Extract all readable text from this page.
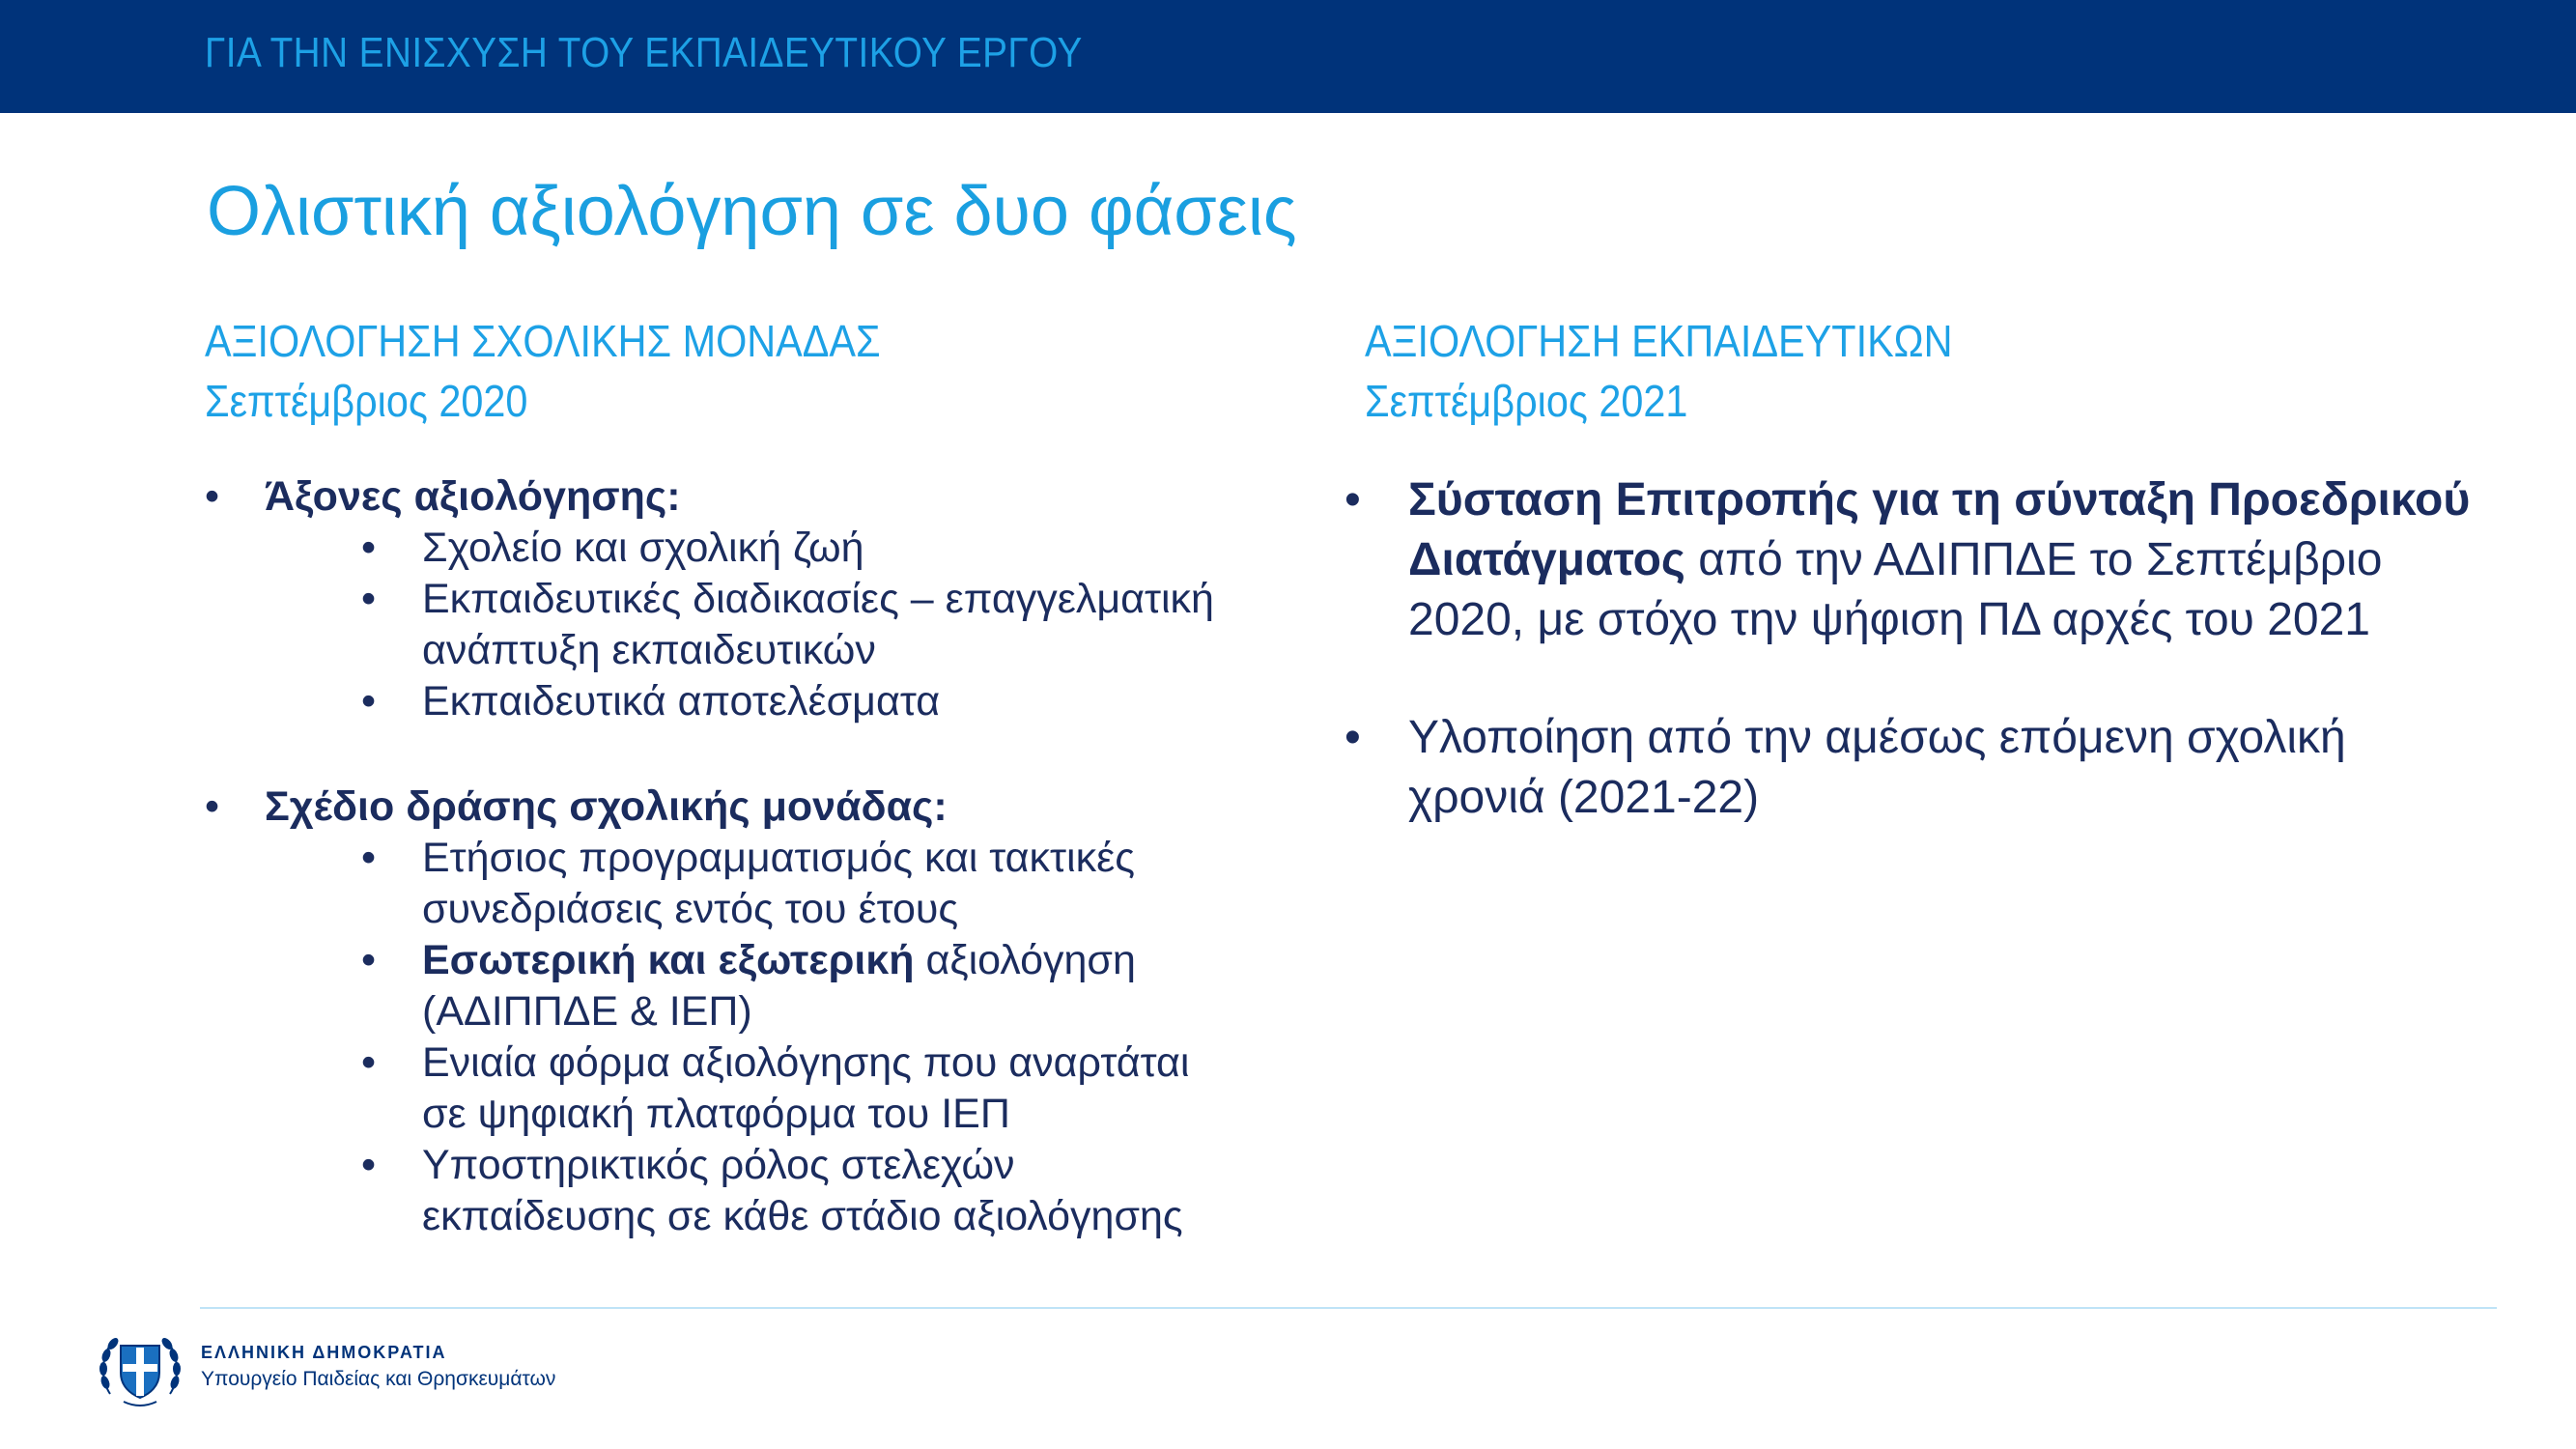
ΓΙΑ ΤΗΝ ΕΝΙΣΧΥΣΗ ΤΟΥ ΕΚΠΑΙΔΕΥΤΙΚΟΥ ΕΡΓΟΥ
Ολιστική αξιολόγηση σε δυο φάσεις
ΑΞΙΟΛΟΓΗΣΗ ΣΧΟΛΙΚΗΣ ΜΟΝΑΔΑΣ
Σεπτέμβριος 2020
ΑΞΙΟΛΟΓΗΣΗ ΕΚΠΑΙΔΕΥΤΙΚΩΝ
Σεπτέμβριος 2021
• Άξονες αξιολόγησης:
• Σχολείο και σχολική ζωή
• Εκπαιδευτικές διαδικασίες – επαγγελματική ανάπτυξη εκπαιδευτικών
• Εκπαιδευτικά αποτελέσματα
• Σχέδιο δράσης σχολικής μονάδας:
• Ετήσιος προγραμματισμός και τακτικές συνεδριάσεις εντός του έτους
• Εσωτερική και εξωτερική αξιολόγηση (ΑΔΙΠΠΔΕ & ΙΕΠ)
• Ενιαία φόρμα αξιολόγησης που αναρτάται σε ψηφιακή πλατφόρμα του ΙΕΠ
• Υποστηρικτικός ρόλος στελεχών εκπαίδευσης σε κάθε στάδιο αξιολόγησης
• Σύσταση Επιτροπής για τη σύνταξη Προεδρικού Διατάγματος από την ΑΔΙΠΠΔΕ το Σεπτέμβριο 2020, με στόχο την ψήφιση ΠΔ αρχές του 2021
• Υλοποίηση από την αμέσως επόμενη σχολική χρονιά (2021-22)
ΕΛΛΗΝΙΚΗ ΔΗΜΟΚΡΑΤΙΑ
Υπουργείο Παιδείας και Θρησκευμάτων
